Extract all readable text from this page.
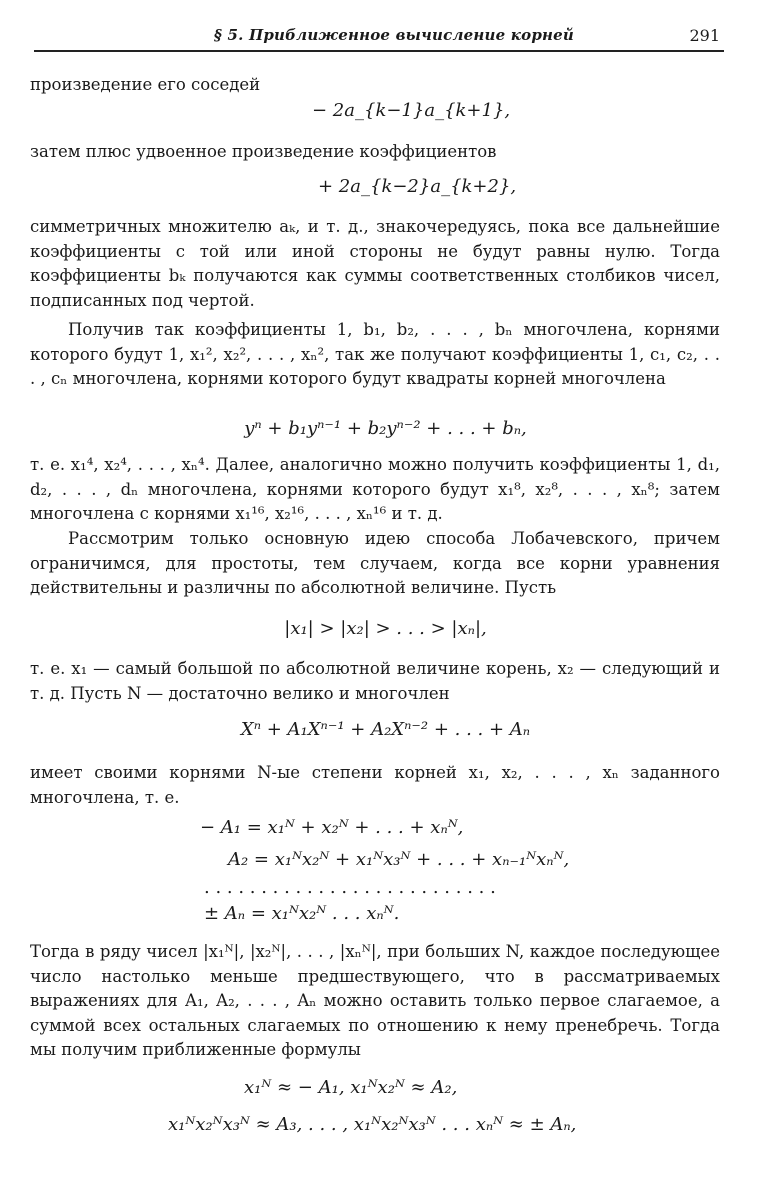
§ 5. Приближенное вычисление корней	291
произведение его соседей
− 2a_{k−1}a_{k+1},
затем плюс удвоенное произведение коэффициентов
+ 2a_{k−2}a_{k+2},
симметричных множителю aₖ, и т. д., знакочередуясь, пока все дальнейшие коэффициенты с той или иной стороны не будут равны нулю. Тогда коэффициенты bₖ получаются как суммы соответственных столбиков чисел, подписанных под чертой.
Получив так коэффициенты 1, b₁, b₂, . . . , bₙ многочлена, корнями которого будут 1, x₁², x₂², . . . , xₙ², так же получают коэффициенты 1, c₁, c₂, . . . , cₙ многочлена, корнями которого будут квадраты корней многочлена
yⁿ + b₁yⁿ⁻¹ + b₂yⁿ⁻² + . . . + bₙ,
т. е. x₁⁴, x₂⁴, . . . , xₙ⁴. Далее, аналогично можно получить коэффициенты 1, d₁, d₂, . . . , dₙ многочлена, корнями которого будут x₁⁸, x₂⁸, . . . , xₙ⁸; затем многочлена с корнями x₁¹⁶, x₂¹⁶, . . . , xₙ¹⁶ и т. д.
Рассмотрим только основную идею способа Лобачевского, причем ограничимся, для простоты, тем случаем, когда все корни уравнения действительны и различны по абсолютной величине. Пусть
|x₁| > |x₂| > . . . > |xₙ|,
т. е. x₁ — самый большой по абсолютной величине корень, x₂ — следующий и т. д. Пусть N — достаточно велико и многочлен
Xⁿ + A₁Xⁿ⁻¹ + A₂Xⁿ⁻² + . . . + Aₙ
имеет своими корнями N-ые степени корней x₁, x₂, . . . , xₙ заданного многочлена, т. е.
− A₁ = x₁ᴺ + x₂ᴺ + . . . + xₙᴺ,
A₂ = x₁ᴺx₂ᴺ + x₁ᴺx₃ᴺ + . . . + xₙ₋₁ᴺxₙᴺ,
. . . . . . . . . . . . . . . . . . . . . . . . . .
± Aₙ = x₁ᴺx₂ᴺ . . . xₙᴺ.
Тогда в ряду чисел |x₁ᴺ|, |x₂ᴺ|, . . . , |xₙᴺ|, при больших N, каждое последующее число настолько меньше предшествующего, что в рассматриваемых выражениях для A₁, A₂, . . . , Aₙ можно оставить только первое слагаемое, а суммой всех остальных слагаемых по отношению к нему пренебречь. Тогда мы получим приближенные формулы
x₁ᴺ ≈ − A₁, x₁ᴺx₂ᴺ ≈ A₂,
x₁ᴺx₂ᴺx₃ᴺ ≈ A₃, . . . , x₁ᴺx₂ᴺx₃ᴺ . . . xₙᴺ ≈ ± Aₙ,
